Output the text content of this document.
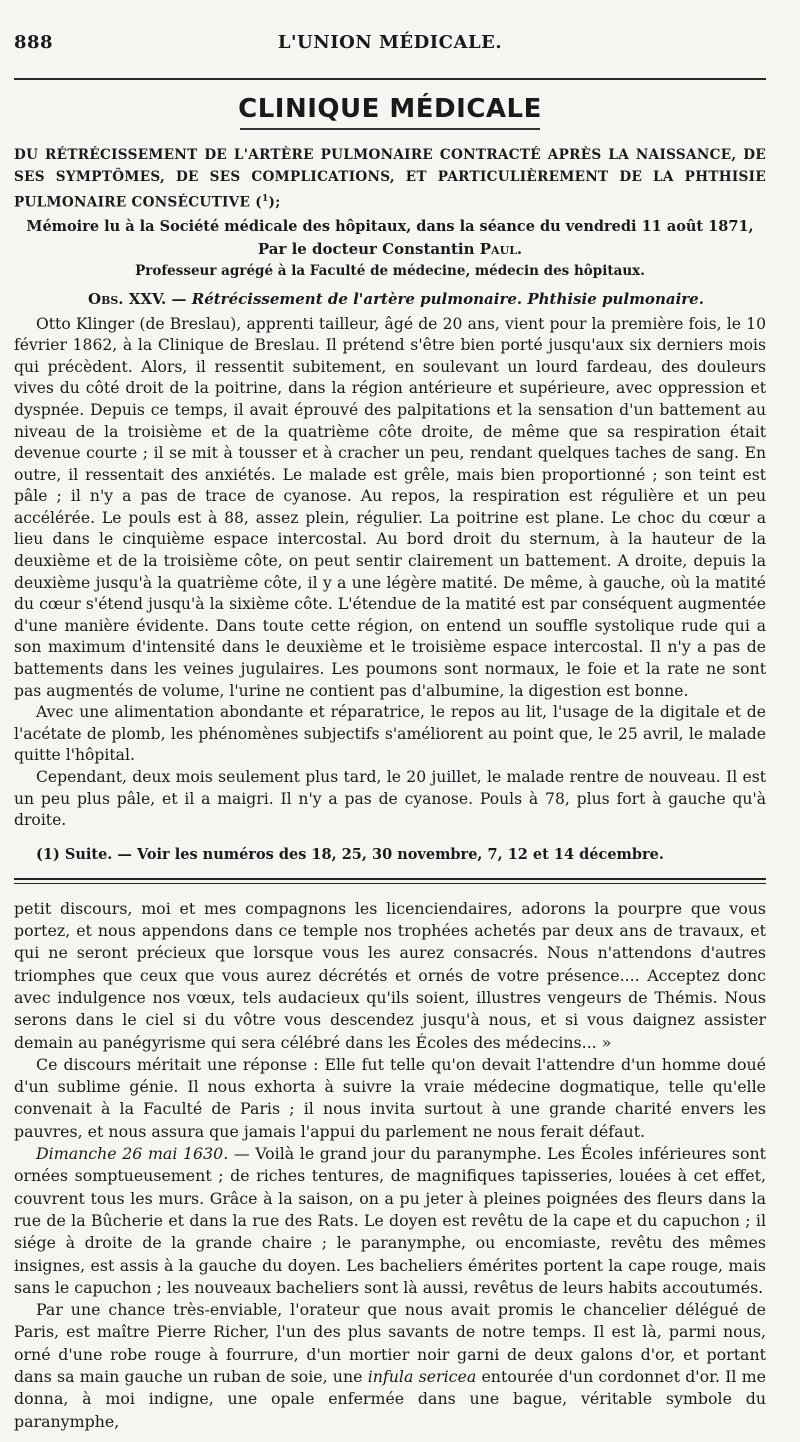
888	L'UNION MÉDICALE.
CLINIQUE MÉDICALE

DU RÉTRÉCISSEMENT DE L'ARTÈRE PULMONAIRE CONTRACTÉ APRÈS LA NAISSANCE, DE SES SYMPTÔMES, DE SES COMPLICATIONS, ET PARTICULIÈREMENT DE LA PHTHISIE PULMONAIRE CONSÉCUTIVE ($^1$);

Mémoire lu à la Société médicale des hôpitaux, dans la séance du vendredi 11 août 1871,
Par le docteur Constantin Paul.
Professeur agrégé à la Faculté de médecine, médecin des hôpitaux.
Obs. XXV. — Rétrécissement de l'artère pulmonaire. Phthisie pulmonaire.

Otto Klinger (de Breslau), apprenti tailleur, âgé de 20 ans, vient pour la première fois, le 10 février 1862, à la Clinique de Breslau. Il prétend s'être bien porté jusqu'aux six derniers mois qui précèdent. Alors, il ressentit subitement, en soulevant un lourd fardeau, des douleurs vives du côté droit de la poitrine, dans la région antérieure et supérieure, avec oppression et dyspnée. Depuis ce temps, il avait éprouvé des palpitations et la sensation d'un battement au niveau de la troisième et de la quatrième côte droite, de même que sa respiration était devenue courte ; il se mit à tousser et à cracher un peu, rendant quelques taches de sang. En outre, il ressentait des anxiétés. Le malade est grêle, mais bien proportionné ; son teint est pâle ; il n'y a pas de trace de cyanose. Au repos, la respiration est régulière et un peu accélérée. Le pouls est à 88, assez plein, régulier. La poitrine est plane. Le choc du cœur a lieu dans le cinquième espace intercostal. Au bord droit du sternum, à la hauteur de la deuxième et de la troisième côte, on peut sentir clairement un battement. A droite, depuis la deuxième jusqu'à la quatrième côte, il y a une légère matité. De même, à gauche, où la matité du cœur s'étend jusqu'à la sixième côte. L'étendue de la matité est par conséquent augmentée d'une manière évidente. Dans toute cette région, on entend un souffle systolique rude qui a son maximum d'intensité dans le deuxième et le troisième espace intercostal. Il n'y a pas de battements dans les veines jugulaires. Les poumons sont normaux, le foie et la rate ne sont pas augmentés de volume, l'urine ne contient pas d'albumine, la digestion est bonne.

Avec une alimentation abondante et réparatrice, le repos au lit, l'usage de la digitale et de l'acétate de plomb, les phénomènes subjectifs s'améliorent au point que, le 25 avril, le malade quitte l'hôpital.

Cependant, deux mois seulement plus tard, le 20 juillet, le malade rentre de nouveau. Il est un peu plus pâle, et il a maigri. Il n'y a pas de cyanose. Pouls à 78, plus fort à gauche qu'à droite.

(1) Suite. — Voir les numéros des 18, 25, 30 novembre, 7, 12 et 14 décembre.

petit discours, moi et mes compagnons les licenciendaires, adorons la pourpre que vous portez, et nous appendons dans ce temple nos trophées achetés par deux ans de travaux, et qui ne seront précieux que lorsque vous les aurez consacrés. Nous n'attendons d'autres triomphes que ceux que vous aurez décrétés et ornés de votre présence.... Acceptez donc avec indulgence nos vœux, tels audacieux qu'ils soient, illustres vengeurs de Thémis. Nous serons dans le ciel si du vôtre vous descendez jusqu'à nous, et si vous daignez assister demain au panégyrisme qui sera célébré dans les Écoles des médecins... »

Ce discours méritait une réponse : Elle fut telle qu'on devait l'attendre d'un homme doué d'un sublime génie. Il nous exhorta à suivre la vraie médecine dogmatique, telle qu'elle convenait à la Faculté de Paris ; il nous invita surtout à une grande charité envers les pauvres, et nous assura que jamais l'appui du parlement ne nous ferait défaut.

Dimanche 26 mai 1630. — Voilà le grand jour du paranymphe. Les Écoles inférieures sont ornées somptueusement ; de riches tentures, de magnifiques tapisseries, louées à cet effet, couvrent tous les murs. Grâce à la saison, on a pu jeter à pleines poignées des fleurs dans la rue de la Bûcherie et dans la rue des Rats. Le doyen est revêtu de la cape et du capuchon ; il siége à droite de la grande chaire ; le paranymphe, ou encomiaste, revêtu des mêmes insignes, est assis à la gauche du doyen. Les bacheliers émérites portent la cape rouge, mais sans le capuchon ; les nouveaux bacheliers sont là aussi, revêtus de leurs habits accoutumés.

Par une chance très-enviable, l'orateur que nous avait promis le chancelier délégué de Paris, est maître Pierre Richer, l'un des plus savants de notre temps. Il est là, parmi nous, orné d'une robe rouge à fourrure, d'un mortier noir garni de deux galons d'or, et portant dans sa main gauche un ruban de soie, une infula sericea entourée d'un cordonnet d'or. Il me donna, à moi indigne, une opale enfermée dans une bague, véritable symbole du paranymphe,
